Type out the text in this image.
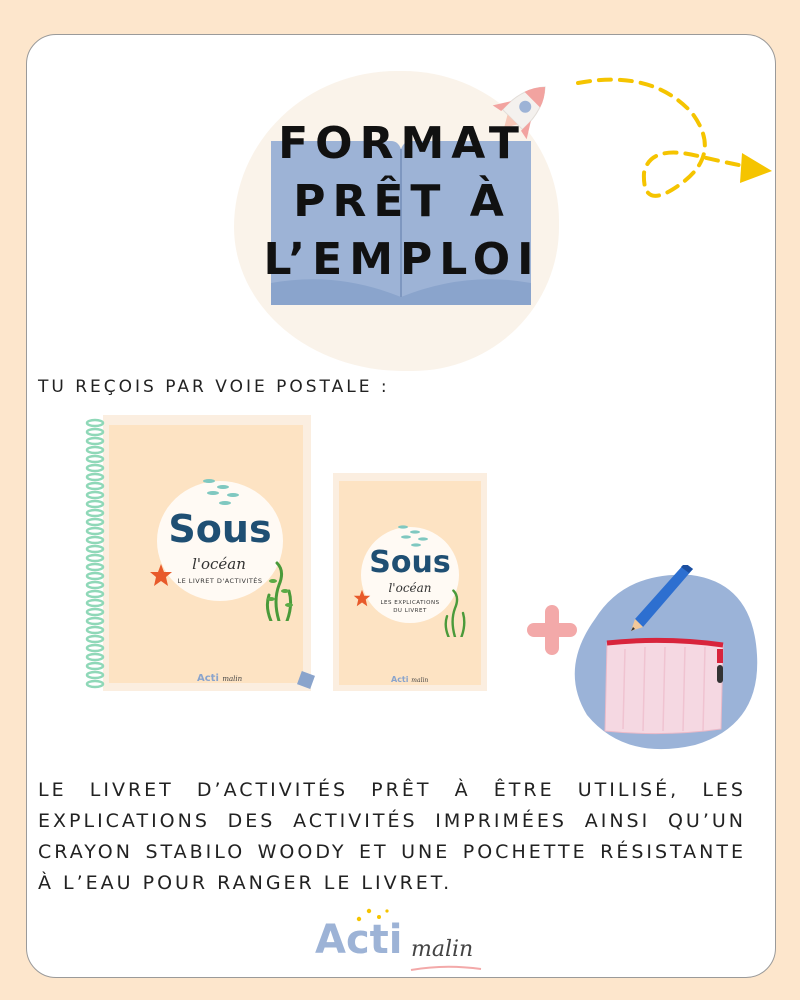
FORMAT
PRÊT À
L’EMPLOI
TU REÇOIS PAR VOIE POSTALE :
Sous
l'océan
LE LIVRET D'ACTIVITÉS
Acti malin
Sous
l'océan
LES EXPLICATIONS
DU LIVRET
Acti malin
LE LIVRET D’ACTIVITÉS PRÊT À ÊTRE UTILISÉ, LES EXPLICATIONS DES ACTIVITÉS IMPRIMÉES AINSI QU’UN CRAYON STABILO WOODY ET UNE POCHETTE RÉSISTANTE À L’EAU POUR RANGER LE LIVRET.
Acti malin
